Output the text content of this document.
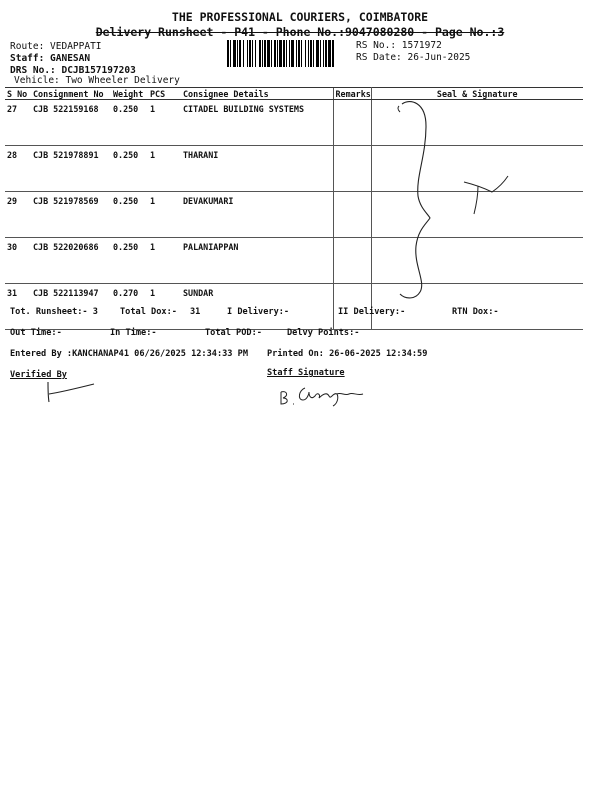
THE PROFESSIONAL COURIERS, COIMBATORE
Delivery Runsheet - P41 - Phone No.:9047080280 - Page No.:3
Route: VEDAPPATI
Staff: GANESAN
DRS No.: DCJB157197203
Vehicle: Two Wheeler Delivery
RS No.: 1571972
RS Date: 26-Jun-2025
S No	Consignment No	Weight	PCS	Consignee Details	Remarks	Seal & Signature
27	CJB 522159168	0.250	1	CITADEL BUILDING SYSTEMS		
28	CJB 521978891	0.250	1	THARANI		
29	CJB 521978569	0.250	1	DEVAKUMARI		
30	CJB 522020686	0.250	1	PALANIAPPAN		
31	CJB 522113947	0.270	1	SUNDAR		
Tot. Runsheet:- 3	Total Dox:- 31	I Delivery:-	II Delivery:-	RTN Dox:-
Out Time:-	In Time:-	Total POD:-	Delvy Points:-
Entered By :KANCHANAP41 06/26/2025 12:34:33 PM Printed On: 26-06-2025 12:34:59
Verified By	Staff Signature
